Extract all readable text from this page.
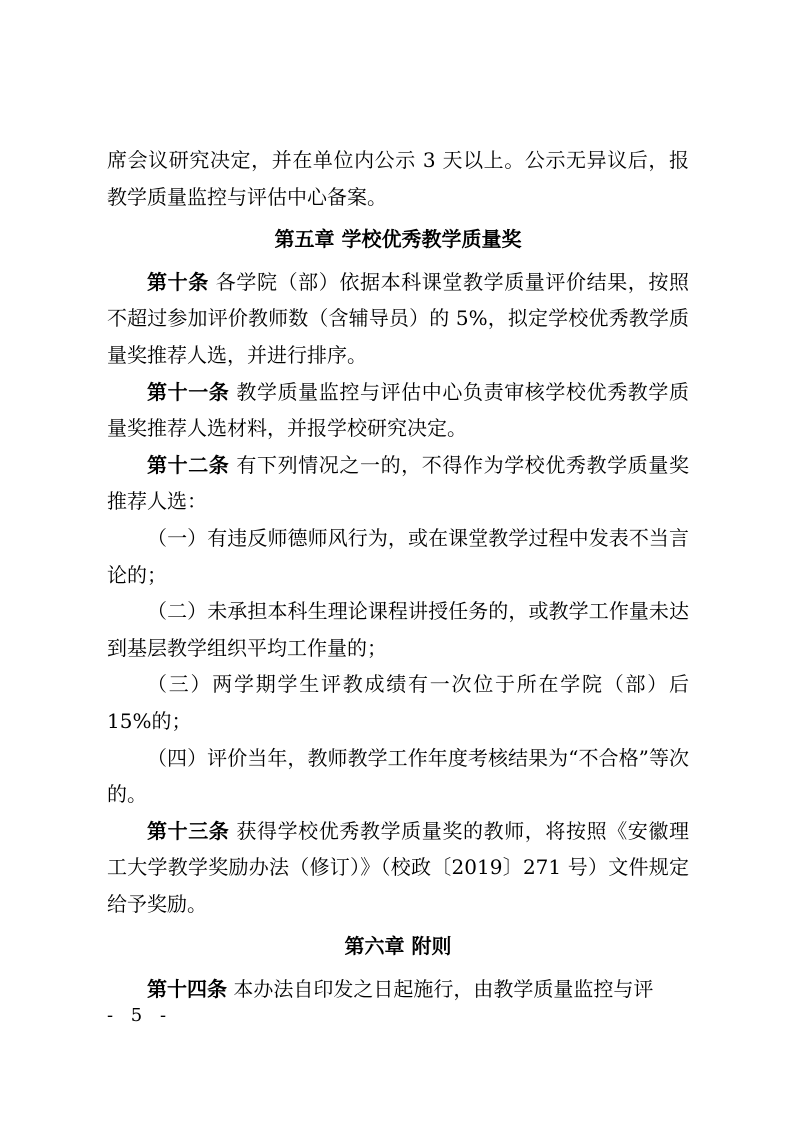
席会议研究决定，并在单位内公示 3 天以上。公示无异议后，报教学质量监控与评估中心备案。

第五章 学校优秀教学质量奖

第十条 各学院（部）依据本科课堂教学质量评价结果，按照不超过参加评价教师数（含辅导员）的 5%，拟定学校优秀教学质量奖推荐人选，并进行排序。

第十一条 教学质量监控与评估中心负责审核学校优秀教学质量奖推荐人选材料，并报学校研究决定。

第十二条 有下列情况之一的，不得作为学校优秀教学质量奖推荐人选：

（一）有违反师德师风行为，或在课堂教学过程中发表不当言论的；

（二）未承担本科生理论课程讲授任务的，或教学工作量未达到基层教学组织平均工作量的；

（三）两学期学生评教成绩有一次位于所在学院（部）后 15%的；

（四）评价当年，教师教学工作年度考核结果为“不合格”等次的。

第十三条 获得学校优秀教学质量奖的教师，将按照《安徽理工大学教学奖励办法（修订）》（校政〔2019〕271 号）文件规定给予奖励。

第六章 附则

第十四条 本办法自印发之日起施行，由教学质量监控与评

- 5 -
